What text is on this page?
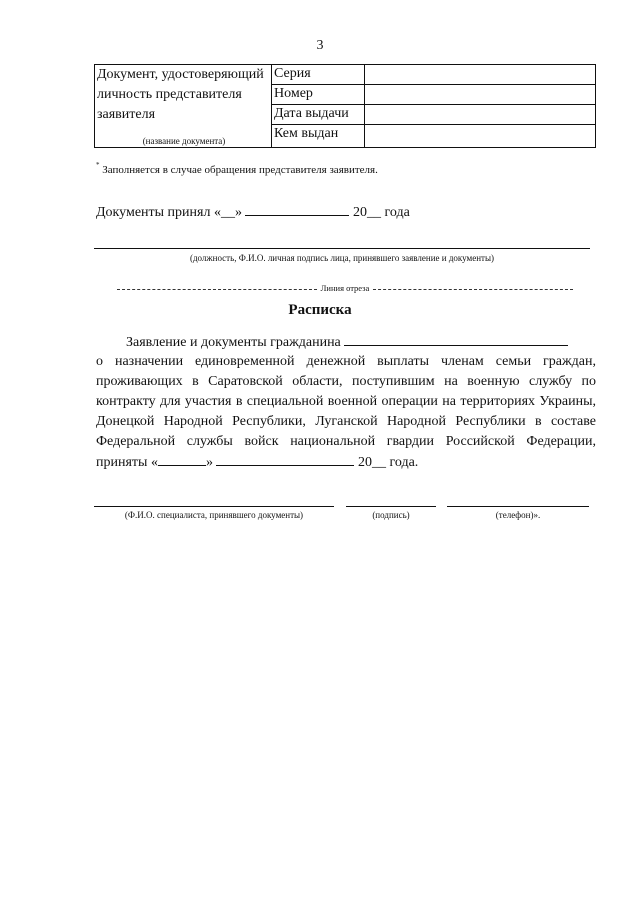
3
Документ, удостоверяющий личность представителя заявителя
(название документа)	Серия	
	Номер	
	Дата выдачи	
	Кем выдан	
* Заполняется в случае обращения представителя заявителя.
Документы принял «__»	20__ года
(должность, Ф.И.О. личная подпись лица, принявшего заявление и документы)
Линия отреза
Расписка
Заявление и документы гражданина

о назначении единовременной денежной выплаты членам семьи граждан, проживающих в Саратовской области, поступившим на военную службу по контракту для участия в специальной военной операции на территориях Украины, Донецкой Народной Республики, Луганской Народной Республики в составе Федеральной службы войск национальной гвардии Российской Федерации, приняты «	»	20__ года.

(Ф.И.О. специалиста, принявшего документы)	(подпись)	(телефон)».
